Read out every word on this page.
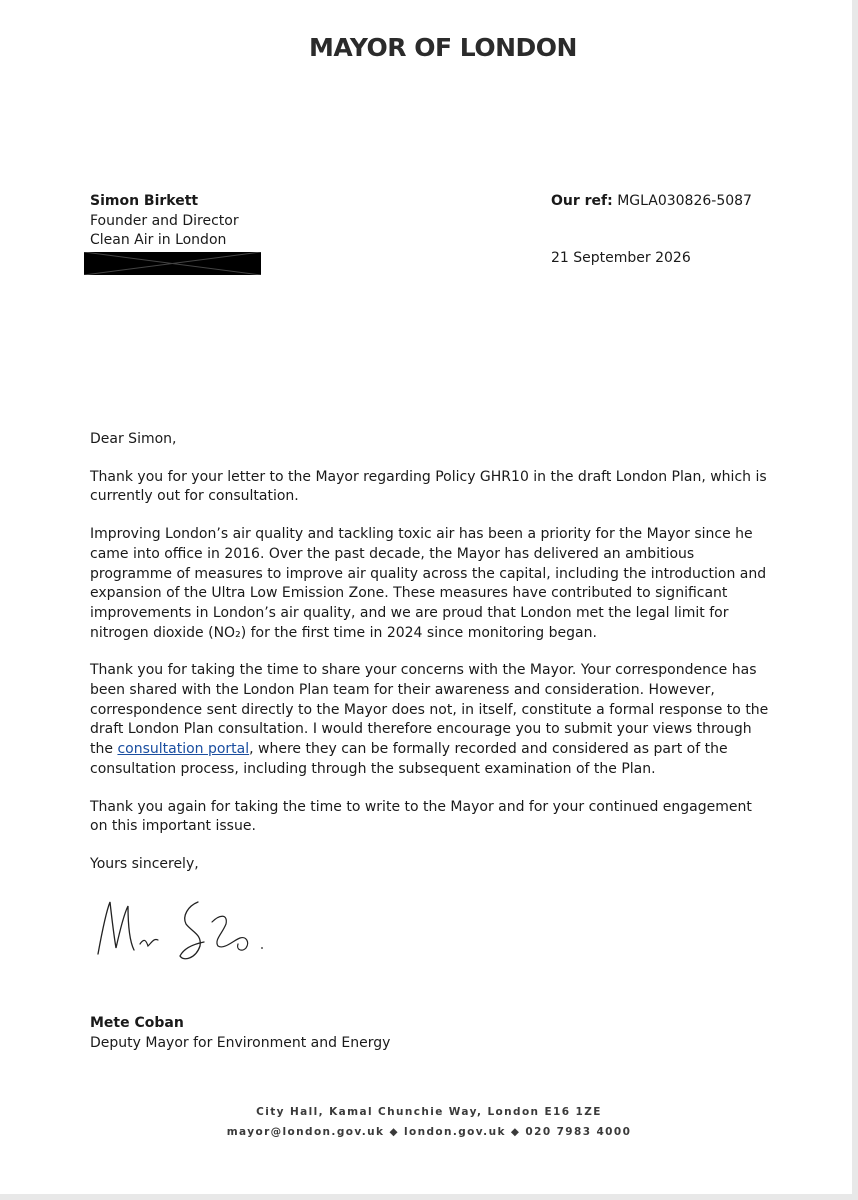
MAYOR OF LONDON
Simon Birkett
Founder and Director
Clean Air in London
Our ref: MGLA030826-5087
21 September 2026

Dear Simon,

Thank you for your letter to the Mayor regarding Policy GHR10 in the draft London Plan, which is currently out for consultation.

Improving London’s air quality and tackling toxic air has been a priority for the Mayor since he came into office in 2016. Over the past decade, the Mayor has delivered an ambitious programme of measures to improve air quality across the capital, including the introduction and expansion of the Ultra Low Emission Zone. These measures have contributed to significant improvements in London’s air quality, and we are proud that London met the legal limit for nitrogen dioxide (NO₂) for the first time in 2024 since monitoring began.

Thank you for taking the time to share your concerns with the Mayor. Your correspondence has been shared with the London Plan team for their awareness and consideration. However, correspondence sent directly to the Mayor does not, in itself, constitute a formal response to the draft London Plan consultation. I would therefore encourage you to submit your views through the consultation portal, where they can be formally recorded and considered as part of the consultation process, including through the subsequent examination of the Plan.

Thank you again for taking the time to write to the Mayor and for your continued engagement on this important issue.

Yours sincerely,

Mete Coban
Deputy Mayor for Environment and Energy
City Hall, Kamal Chunchie Way, London E16 1ZE
mayor@london.gov.uk ◆ london.gov.uk ◆ 020 7983 4000
